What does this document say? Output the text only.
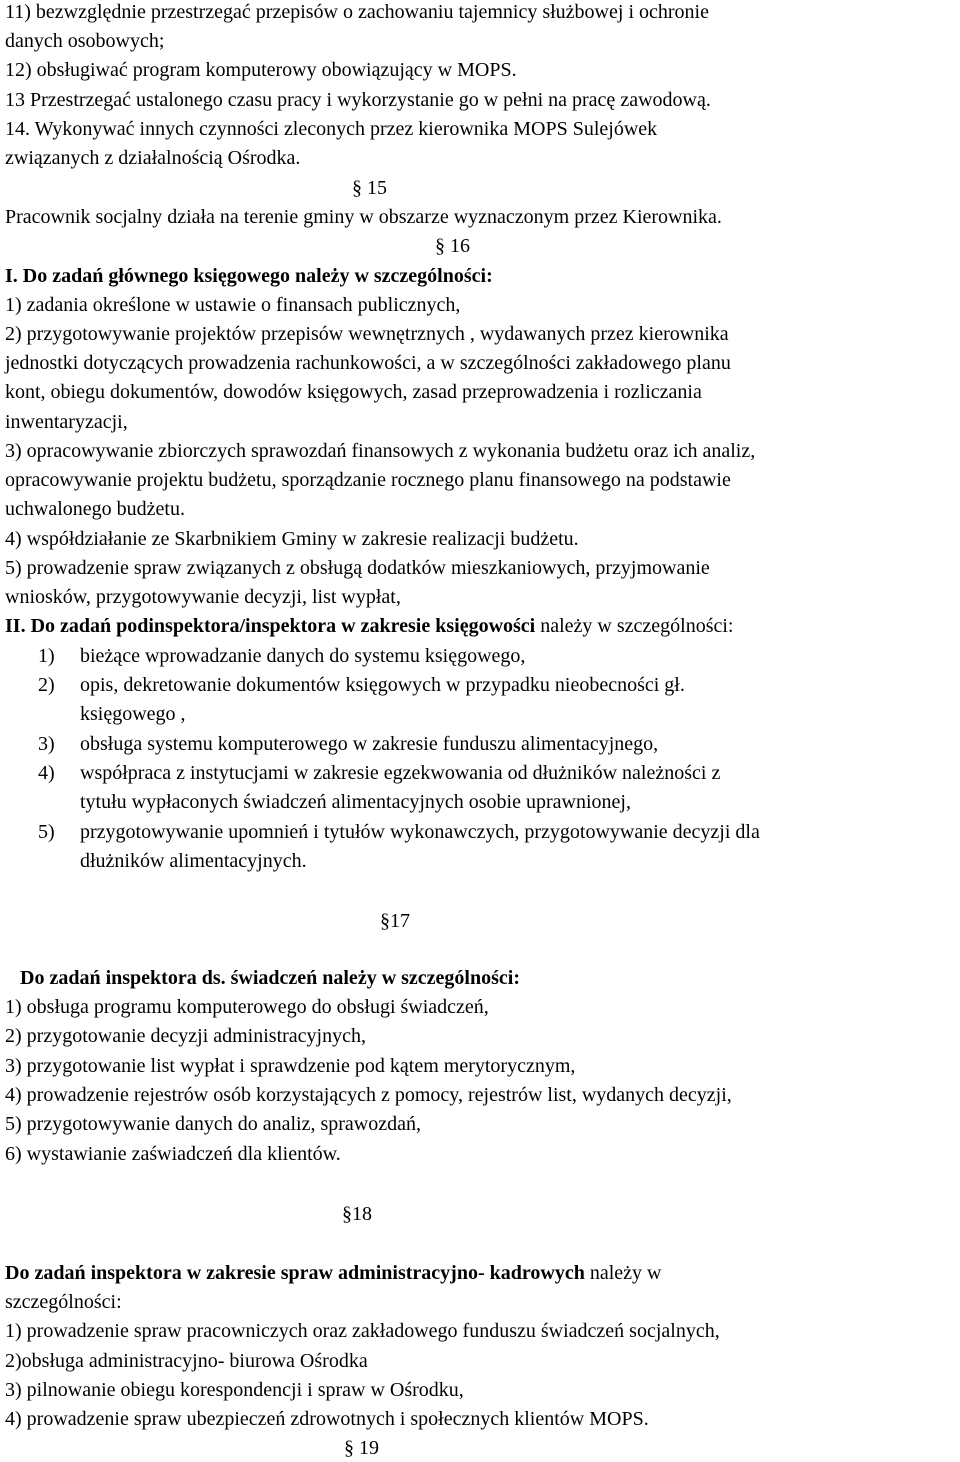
11) bezwzględnie przestrzegać przepisów o zachowaniu tajemnicy służbowej i ochronie
danych osobowych;
12) obsługiwać program komputerowy obowiązujący w MOPS.
13 Przestrzegać ustalonego czasu pracy i wykorzystanie go w pełni na pracę zawodową.
14. Wykonywać innych czynności zleconych przez kierownika MOPS Sulejówek
związanych z działalnością Ośrodka.
§ 15
Pracownik socjalny działa na terenie gminy w obszarze wyznaczonym przez Kierownika.
§ 16
I. Do zadań głównego księgowego należy w szczególności:
1) zadania określone w ustawie o finansach publicznych,
2) przygotowywanie projektów przepisów wewnętrznych , wydawanych przez kierownika
jednostki dotyczących prowadzenia rachunkowości, a w szczególności zakładowego planu
kont, obiegu dokumentów, dowodów księgowych, zasad przeprowadzenia i rozliczania
inwentaryzacji,
3) opracowywanie zbiorczych sprawozdań finansowych z wykonania budżetu oraz ich analiz,
opracowywanie projektu budżetu, sporządzanie rocznego planu finansowego na podstawie
uchwalonego budżetu.
4) współdziałanie ze Skarbnikiem Gminy w zakresie realizacji budżetu.
5) prowadzenie spraw związanych z obsługą dodatków mieszkaniowych, przyjmowanie
wniosków, przygotowywanie decyzji, list wypłat,
II. Do zadań podinspektora/inspektora w zakresie księgowości należy w szczególności:
1) bieżące wprowadzanie danych do systemu księgowego,
2) opis, dekretowanie dokumentów księgowych w przypadku nieobecności gł.
księgowego ,
3) obsługa systemu komputerowego w zakresie funduszu alimentacyjnego,
4) współpraca z instytucjami w zakresie egzekwowania od dłużników należności z
tytułu wypłaconych świadczeń alimentacyjnych osobie uprawnionej,
5) przygotowywanie upomnień i tytułów wykonawczych, przygotowywanie decyzji dla
dłużników alimentacyjnych.
§17
Do zadań inspektora ds. świadczeń należy w szczególności:
1) obsługa programu komputerowego do obsługi świadczeń,
2) przygotowanie decyzji administracyjnych,
3) przygotowanie list wypłat i sprawdzenie pod kątem merytorycznym,
4) prowadzenie rejestrów osób korzystających z pomocy, rejestrów list, wydanych decyzji,
5) przygotowywanie danych do analiz, sprawozdań,
6) wystawianie zaświadczeń dla klientów.
§18
Do zadań inspektora w zakresie spraw administracyjno- kadrowych należy w
szczególności:
1) prowadzenie spraw pracowniczych oraz zakładowego funduszu świadczeń socjalnych,
2)obsługa administracyjno- biurowa Ośrodka
3) pilnowanie obiegu korespondencji i spraw w Ośrodku,
4) prowadzenie spraw ubezpieczeń zdrowotnych i społecznych klientów MOPS.
§ 19
